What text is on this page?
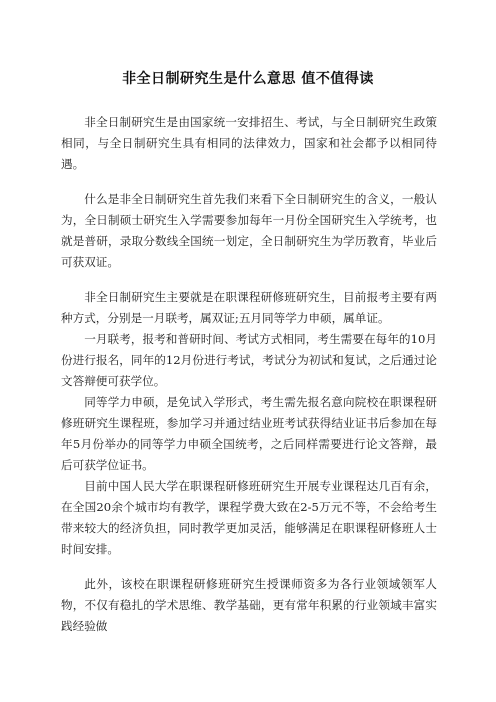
非全日制研究生是什么意思 值不值得读

非全日制研究生是由国家统一安排招生、考试，与全日制研究生政策相同，与全日制研究生具有相同的法律效力，国家和社会都予以相同待遇。

什么是非全日制研究生首先我们来看下全日制研究生的含义，一般认为，全日制硕士研究生入学需要参加每年一月份全国研究生入学统考，也就是普研，录取分数线全国统一划定，全日制研究生为学历教育，毕业后可获双证。

非全日制研究生主要就是在职课程研修班研究生，目前报考主要有两种方式，分别是一月联考，属双证;五月同等学力申硕，属单证。

一月联考，报考和普研时间、考试方式相同，考生需要在每年的10月份进行报名，同年的12月份进行考试，考试分为初试和复试，之后通过论文答辩便可获学位。

同等学力申硕，是免试入学形式，考生需先报名意向院校在职课程研修班研究生课程班，参加学习并通过结业班考试获得结业证书后参加在每年5月份举办的同等学力申硕全国统考，之后同样需要进行论文答辩，最后可获学位证书。

目前中国人民大学在职课程研修班研究生开展专业课程达几百有余，在全国20余个城市均有教学，课程学费大致在2-5万元不等，不会给考生带来较大的经济负担，同时教学更加灵活，能够满足在职课程研修班人士时间安排。

此外，该校在职课程研修班研究生授课师资多为各行业领域领军人物，不仅有稳扎的学术思维、教学基础，更有常年积累的行业领域丰富实践经验做
